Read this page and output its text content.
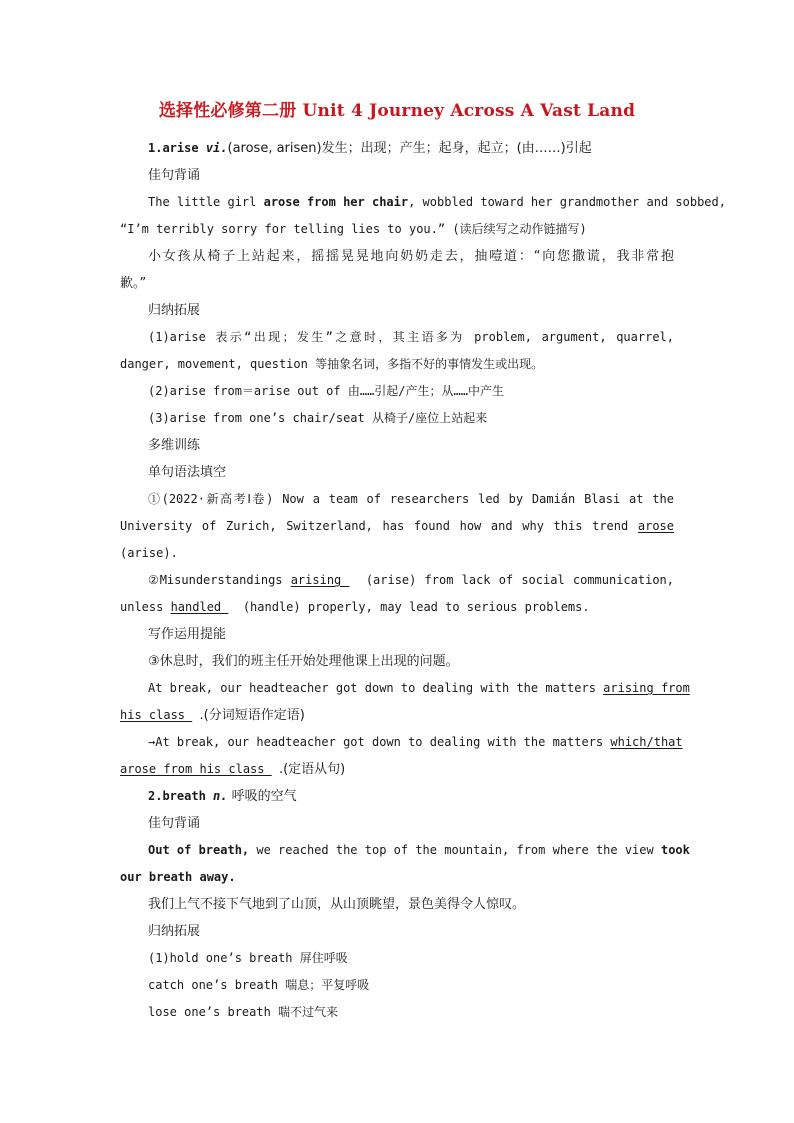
选择性必修第二册 Unit 4 Journey Across A Vast Land
1.arise vi.(arose, arisen)发生；出现；产生；起身，起立；(由……)引起
佳句背诵
The little girl arose from her chair, wobbled toward her grandmother and sobbed,
“I’m terribly sorry for telling lies to you.” (读后续写之动作链描写)
小女孩从椅子上站起来，摇摇晃晃地向奶奶走去，抽噎道：“向您撒谎，我非常抱
歉。”
归纳拓展
(1)arise 表示“出现；发生”之意时，其主语多为 problem, argument, quarrel,
danger, movement, question 等抽象名词，多指不好的事情发生或出现。
(2)arise from＝arise out of 由……引起/产生；从……中产生
(3)arise from one’s chair/seat 从椅子/座位上站起来
多维训练
单句语法填空
①(2022·新高考Ⅰ卷) Now a team of researchers led by Damián Blasi at the
University of Zurich, Switzerland, has found how and why this trend arose
(arise).
②Misunderstandings arising   (arise) from lack of social communication,
unless handled   (handle) properly, may lead to serious problems.
写作运用提能
③休息时，我们的班主任开始处理他课上出现的问题。
At break, our headteacher got down to dealing with the matters arising from
his class  .(分词短语作定语)
→At break, our headteacher got down to dealing with the matters which/that
arose from his class  .(定语从句)
2.breath n. 呼吸的空气
佳句背诵
Out of breath, we reached the top of the mountain, from where the view took
our breath away.
我们上气不接下气地到了山顶，从山顶眺望，景色美得令人惊叹。
归纳拓展
(1)hold one’s breath 屏住呼吸
catch one’s breath 喘息；平复呼吸
lose one’s breath 喘不过气来
